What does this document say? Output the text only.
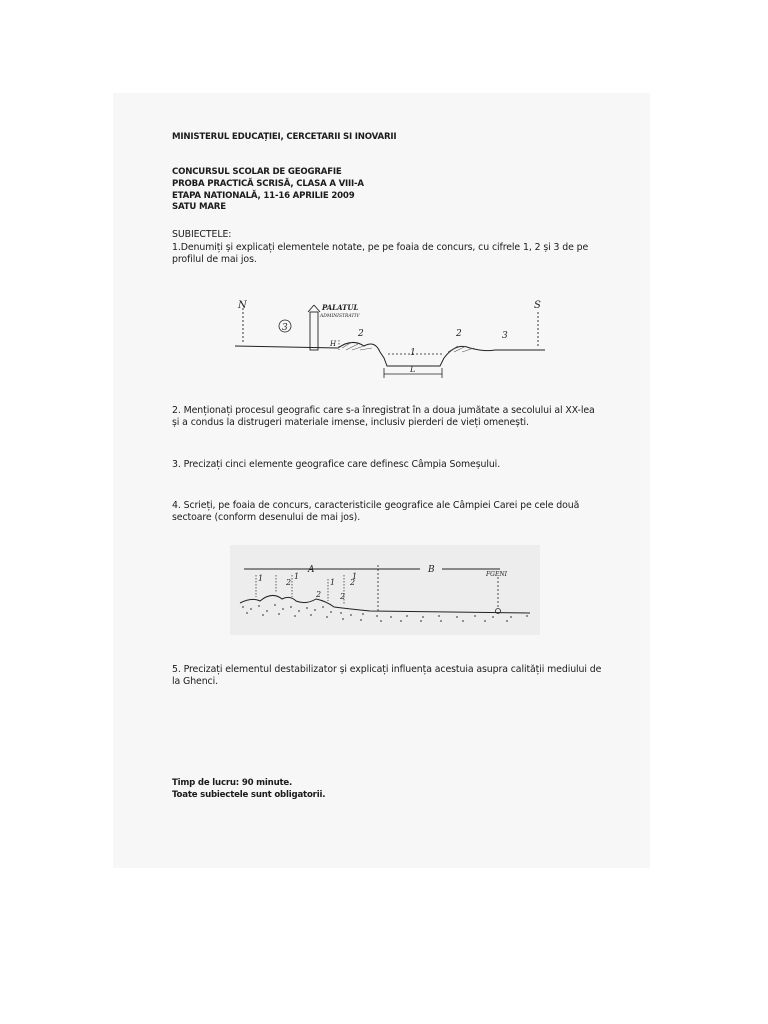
MINISTERUL EDUCAȚIEI, CERCETARII SI INOVARII
CONCURSUL SCOLAR DE GEOGRAFIE
PROBA PRACTICĂ SCRISĂ, CLASA A VIII-A
ETAPA NATIONALĂ, 11-16 APRILIE 2009
SATU MARE
SUBIECTELE:
1.Denumiți și explicați elementele notate, pe pe foaia de concurs, cu cifrele 1, 2 și 3 de pe
profilul de mai jos.
N	S
3
PALATUL
ADMINISTRATIV
H
2	2	3
1
L
2. Menționați procesul geografic care s-a înregistrat în a doua jumătate a secolului al XX-lea
și a condus la distrugeri materiale imense, inclusiv pierderi de vieți omenești.
3. Precizați cinci elemente geografice care definesc Câmpia Someșului.
4. Scrieți, pe foaia de concurs, caracteristicile geografice ale Câmpiei Carei pe cele două
sectoare (conform desenului de mai jos).
A	B	FGENI
1	2
1
2
1
2
2
1
5. Precizați elementul destabilizator și explicați influența acestuia asupra calității mediului de
la Ghenci.
Timp de lucru: 90 minute.
Toate subiectele sunt obligatorii.
